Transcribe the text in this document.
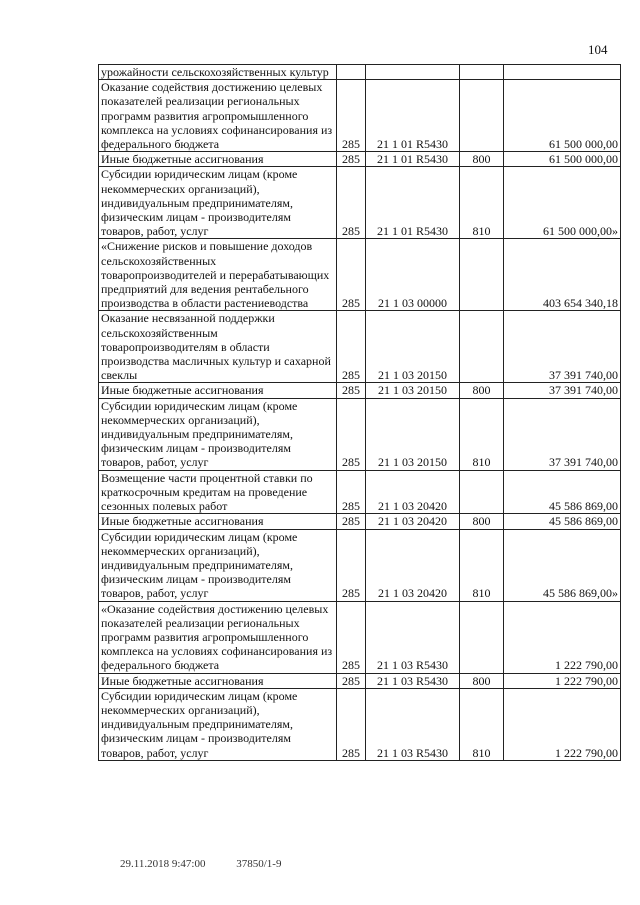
104
урожайности сельскохозяйственных культур				
Оказание содействия достижению целевых показателей реализации региональных программ развития агропромышленного комплекса на условиях софинансирования из федерального бюджета	285	21 1 01 R5430		61 500 000,00
Иные бюджетные ассигнования	285	21 1 01 R5430	800	61 500 000,00
Субсидии юридическим лицам (кроме некоммерческих организаций), индивидуальным предпринимателям, физическим лицам - производителям товаров, работ, услуг	285	21 1 01 R5430	810	61 500 000,00»
«Снижение рисков и повышение доходов сельскохозяйственных товаропроизводителей и перерабатывающих предприятий для ведения рентабельного производства в области растениеводства	285	21 1 03 00000		403 654 340,18
Оказание несвязанной поддержки сельскохозяйственным товаропроизводителям в области производства масличных культур и сахарной свеклы	285	21 1 03 20150		37 391 740,00
Иные бюджетные ассигнования	285	21 1 03 20150	800	37 391 740,00
Субсидии юридическим лицам (кроме некоммерческих организаций), индивидуальным предпринимателям, физическим лицам - производителям товаров, работ, услуг	285	21 1 03 20150	810	37 391 740,00
Возмещение части процентной ставки по краткосрочным кредитам на проведение сезонных полевых работ	285	21 1 03 20420		45 586 869,00
Иные бюджетные ассигнования	285	21 1 03 20420	800	45 586 869,00
Субсидии юридическим лицам (кроме некоммерческих организаций), индивидуальным предпринимателям, физическим лицам - производителям товаров, работ, услуг	285	21 1 03 20420	810	45 586 869,00»
«Оказание содействия достижению целевых показателей реализации региональных программ развития агропромышленного комплекса на условиях софинансирования из федерального бюджета	285	21 1 03 R5430		1 222 790,00
Иные бюджетные ассигнования	285	21 1 03 R5430	800	1 222 790,00
Субсидии юридическим лицам (кроме некоммерческих организаций), индивидуальным предпринимателям, физическим лицам - производителям товаров, работ, услуг	285	21 1 03 R5430	810	1 222 790,00
29.11.2018 9:47:00	37850/1-9
